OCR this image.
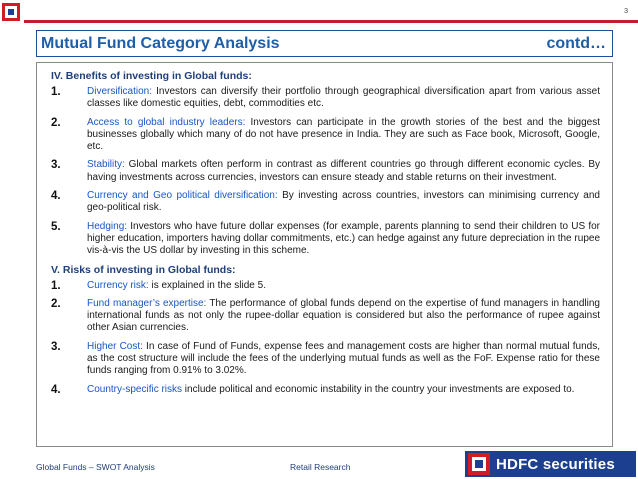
3
Mutual Fund Category Analysis	contd…
IV. Benefits of investing in Global funds:
1.	Diversification: Investors can diversify their portfolio through geographical diversification apart from various asset classes like domestic equities, debt, commodities etc.

2.	Access to global industry leaders: Investors can participate in the growth stories of the best and the biggest businesses globally which many of do not have presence in India. They are such as Face book, Microsoft, Google, etc.

3.	Stability: Global markets often perform in contrast as different countries go through different economic cycles. By having investments across currencies, investors can ensure steady and stable returns on their investment.

4.	Currency and Geo political diversification: By investing across countries, investors can minimising currency and geo-political risk.

5.	Hedging: Investors who have future dollar expenses (for example, parents planning to send their children to US for higher education, importers having dollar commitments, etc.) can hedge against any future depreciation in the rupee vis-à-vis the US dollar by investing in this scheme.

V. Risks of investing in Global funds:
1.	Currency risk: is explained in the slide 5.

2.	Fund manager’s expertise: The performance of global funds depend on the expertise of fund managers in handling international funds as not only the rupee-dollar equation is considered but also the performance of rupee against other Asian currencies.

3.	Higher Cost: In case of Fund of Funds, expense fees and management costs are higher than normal mutual funds, as the cost structure will include the fees of the underlying mutual funds as well as the FoF. Expense ratio for these funds ranging from 0.91% to 3.02%.

4.	Country-specific risks include political and economic instability in the country your investments are exposed to.

Global Funds – SWOT Analysis	Retail Research	HDFC securities
